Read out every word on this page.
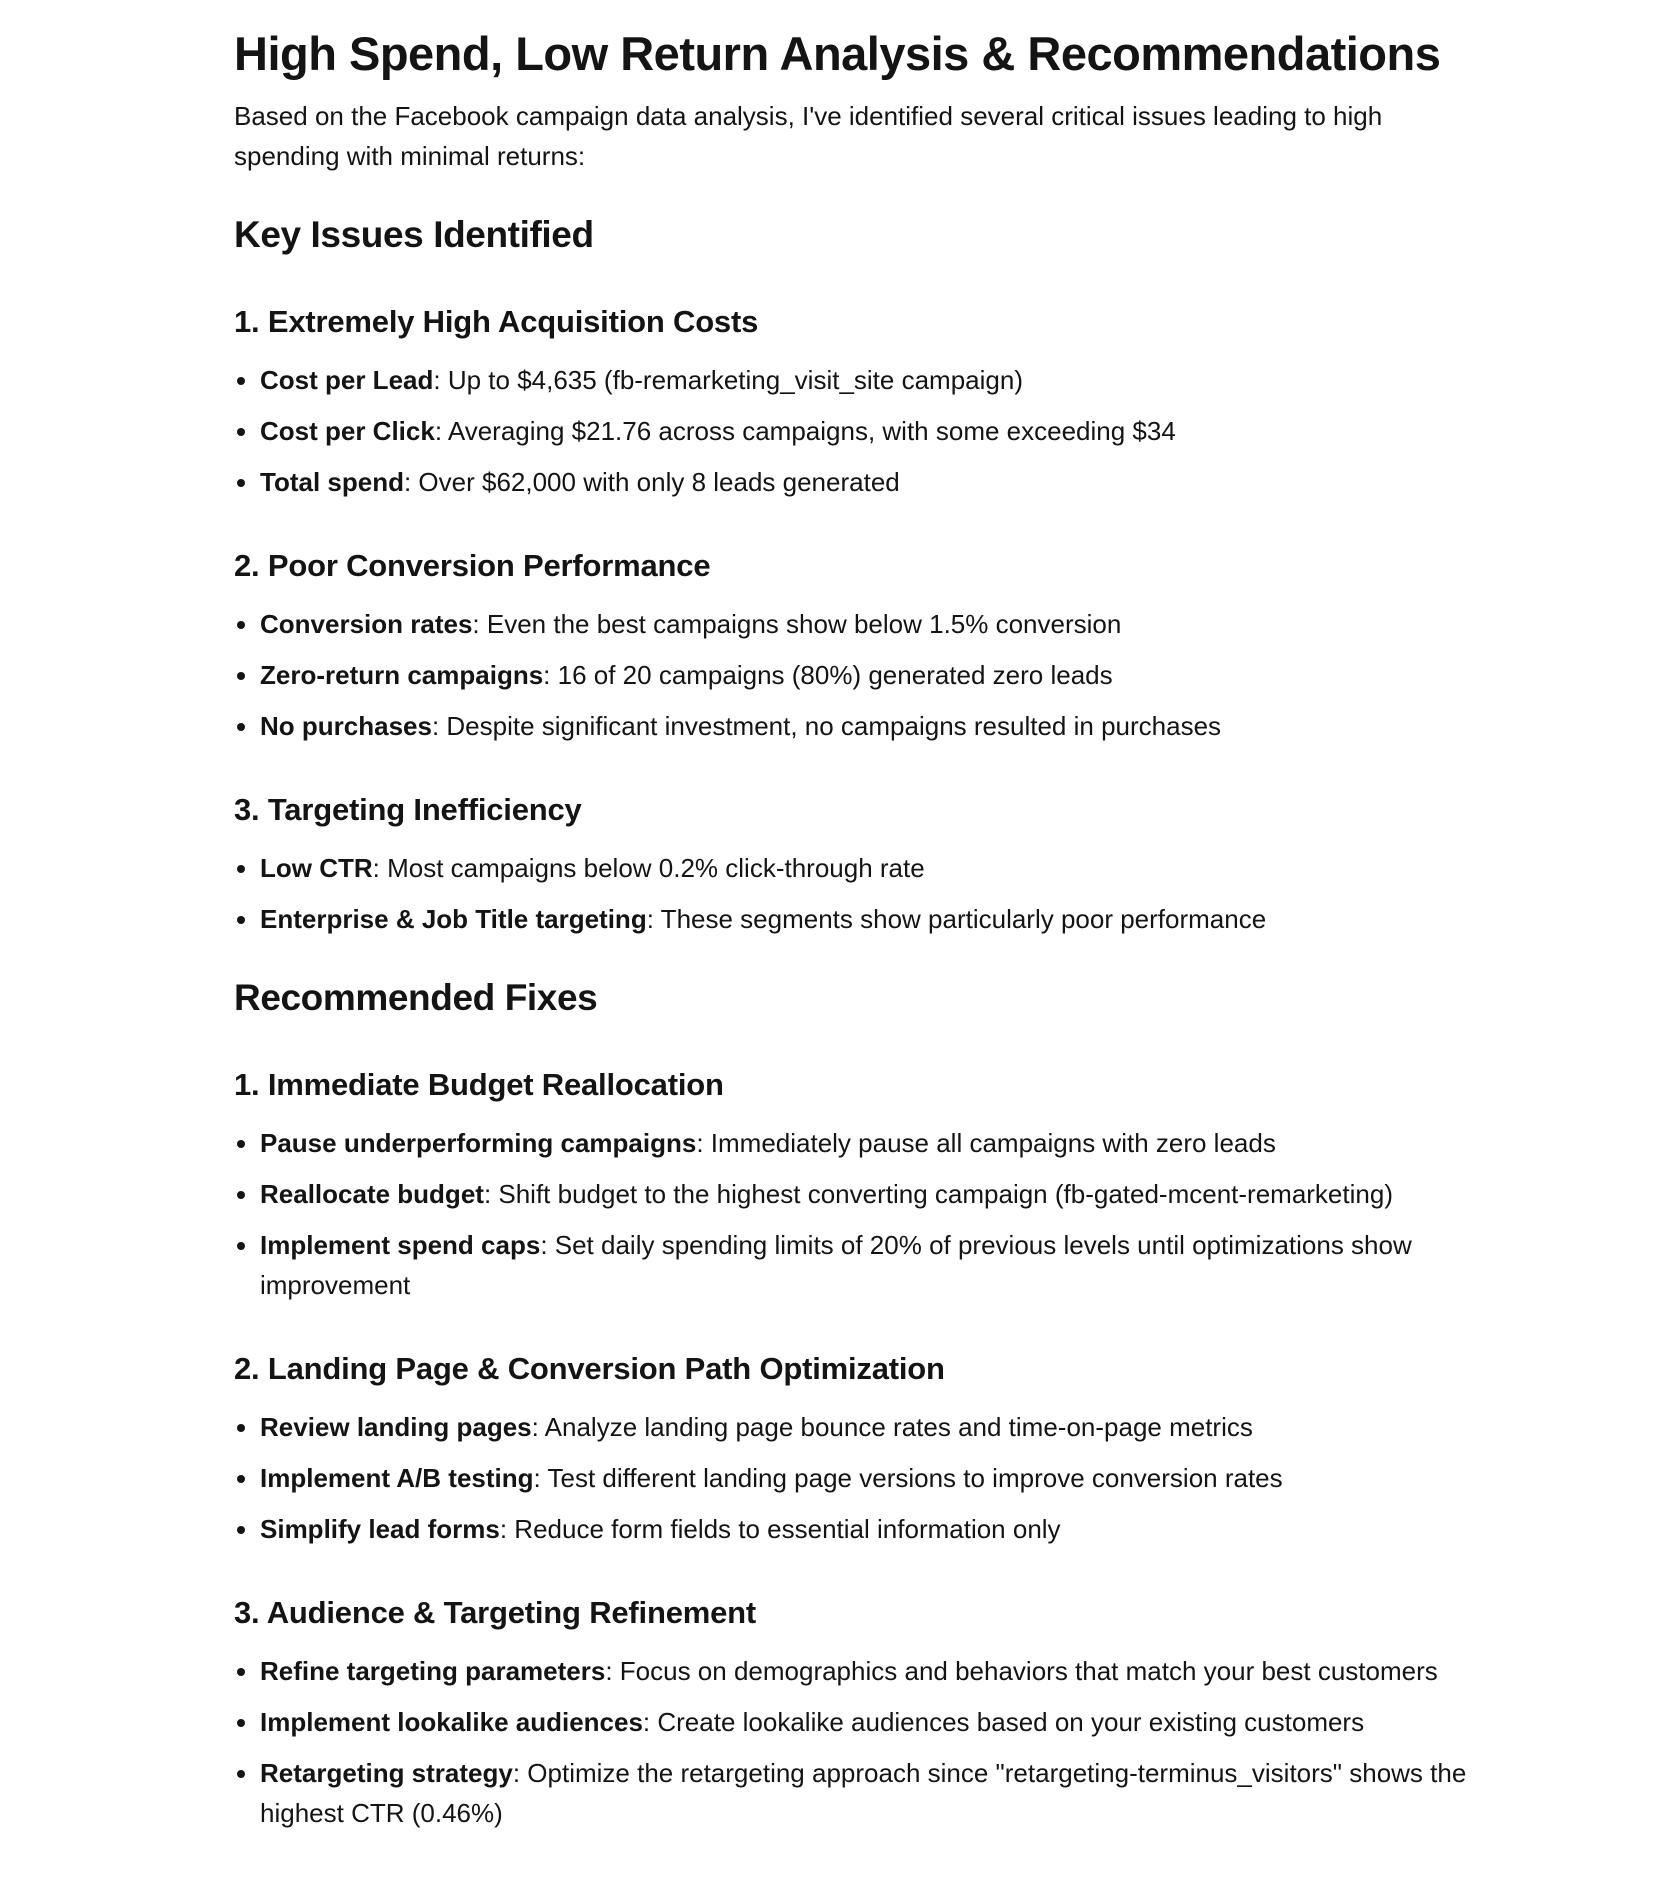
High Spend, Low Return Analysis & Recommendations

Based on the Facebook campaign data analysis, I've identified several critical issues leading to high spending with minimal returns:

Key Issues Identified
1. Extremely High Acquisition Costs
• Cost per Lead: Up to $4,635 (fb-remarketing_visit_site campaign)
• Cost per Click: Averaging $21.76 across campaigns, with some exceeding $34
• Total spend: Over $62,000 with only 8 leads generated
2. Poor Conversion Performance
• Conversion rates: Even the best campaigns show below 1.5% conversion
• Zero-return campaigns: 16 of 20 campaigns (80%) generated zero leads
• No purchases: Despite significant investment, no campaigns resulted in purchases
3. Targeting Inefficiency
• Low CTR: Most campaigns below 0.2% click-through rate
• Enterprise & Job Title targeting: These segments show particularly poor performance
Recommended Fixes
1. Immediate Budget Reallocation
• Pause underperforming campaigns: Immediately pause all campaigns with zero leads
• Reallocate budget: Shift budget to the highest converting campaign (fb-gated-mcent-remarketing)
• Implement spend caps: Set daily spending limits of 20% of previous levels until optimizations show improvement
2. Landing Page & Conversion Path Optimization
• Review landing pages: Analyze landing page bounce rates and time-on-page metrics
• Implement A/B testing: Test different landing page versions to improve conversion rates
• Simplify lead forms: Reduce form fields to essential information only
3. Audience & Targeting Refinement
• Refine targeting parameters: Focus on demographics and behaviors that match your best customers
• Implement lookalike audiences: Create lookalike audiences based on your existing customers
• Retargeting strategy: Optimize the retargeting approach since "retargeting-terminus_visitors" shows the highest CTR (0.46%)
